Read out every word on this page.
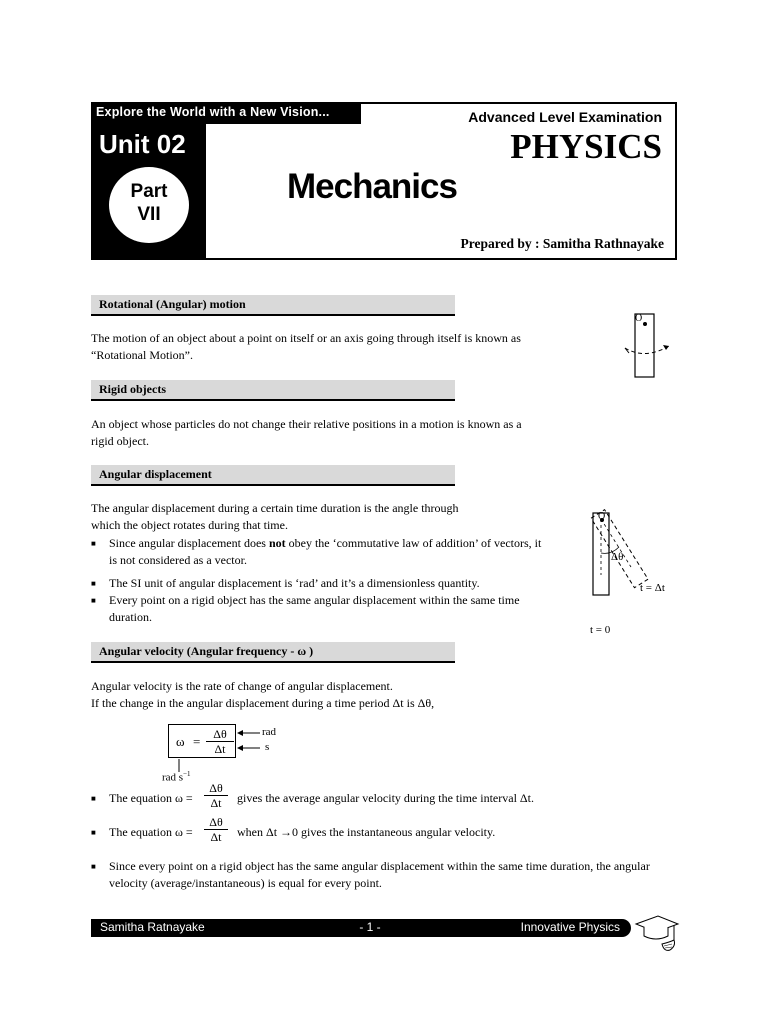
Explore the World with a New Vision...
Unit 02
Part
VII
Advanced Level Examination
PHYSICS
Mechanics
Prepared by : Samitha Rathnayake
Rotational (Angular) motion
The motion of an object about a point on itself or an axis going through itself is known as
“Rotational Motion”.
O
Rigid objects
An object whose particles do not change their relative positions in a motion is known as a
rigid object.
Angular displacement
The angular displacement during a certain time duration is the angle through
which the object rotates during that time.
■ Since angular displacement does not obey the ‘commutative law of addition’ of vectors, it
is not considered as a vector.
■ The SI unit of angular displacement is ‘rad’ and it’s a dimensionless quantity.
■ Every point on a rigid object has the same angular displacement within the same time
duration.
O
Δθ
t = Δt
t = 0
Angular velocity (Angular frequency - ω )
Angular velocity is the rate of change of angular displacement.
If the change in the angular displacement during a time period Δt is Δθ,
$\omega = \frac{\Delta\theta}{\Delta t}$	rad
s
rad $s^{-1}$
■ The equation ω =	gives the average angular velocity during the time interval Δt.
$\frac{\Delta\theta}{\Delta t}$
■ The equation ω =	when Δt →0 gives the instantaneous angular velocity.
$\frac{\Delta\theta}{\Delta t}$
■ Since every point on a rigid object has the same angular displacement within the same time duration, the angular
velocity (average/instantaneous) is equal for every point.
Samitha Ratnayake	- 1 -	Innovative Physics
